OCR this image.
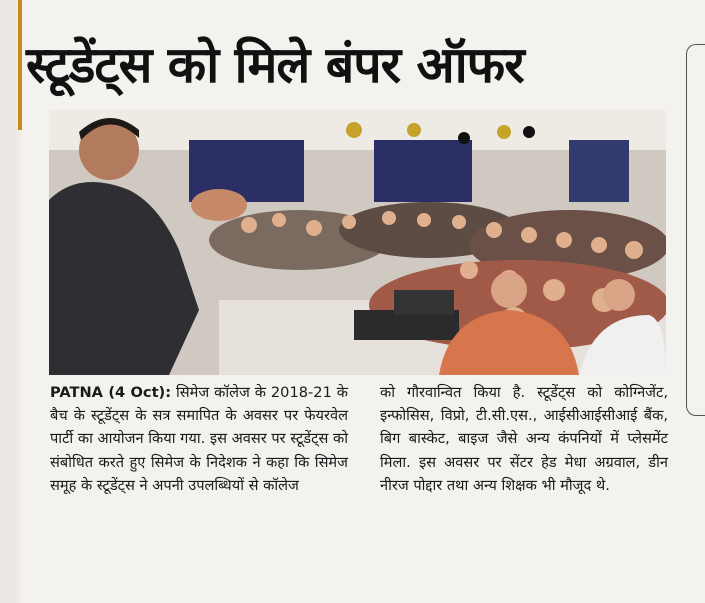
स्टूडेंट्स को मिले बंपर ऑफर
PATNA (4 Oct): सिमेज कॉलेज के 2018-21 के बैच के स्टूडेंट्स के सत्र समापित के अवसर पर फेयरवेल पार्टी का आयोजन किया गया. इस अवसर पर स्टूडेंट्स को संबोधित करते हुए सिमेज के निदेशक ने कहा कि सिमेज समूह के स्टूडेंट्स ने अपनी उपलब्धियों से कॉलेज
को गौरवान्वित किया है. स्टूडेंट्स को कोग्निजेंट, इन्फोसिस, विप्रो, टी.सी.एस., आईसीआईसीआई बैंक, बिग बास्केट, बाइज जैसे अन्य कंपनियों में प्लेसमेंट मिला. इस अवसर पर सेंटर हेड मेधा अग्रवाल, डीन नीरज पोद्दार तथा अन्य शिक्षक भी मौजूद थे.
